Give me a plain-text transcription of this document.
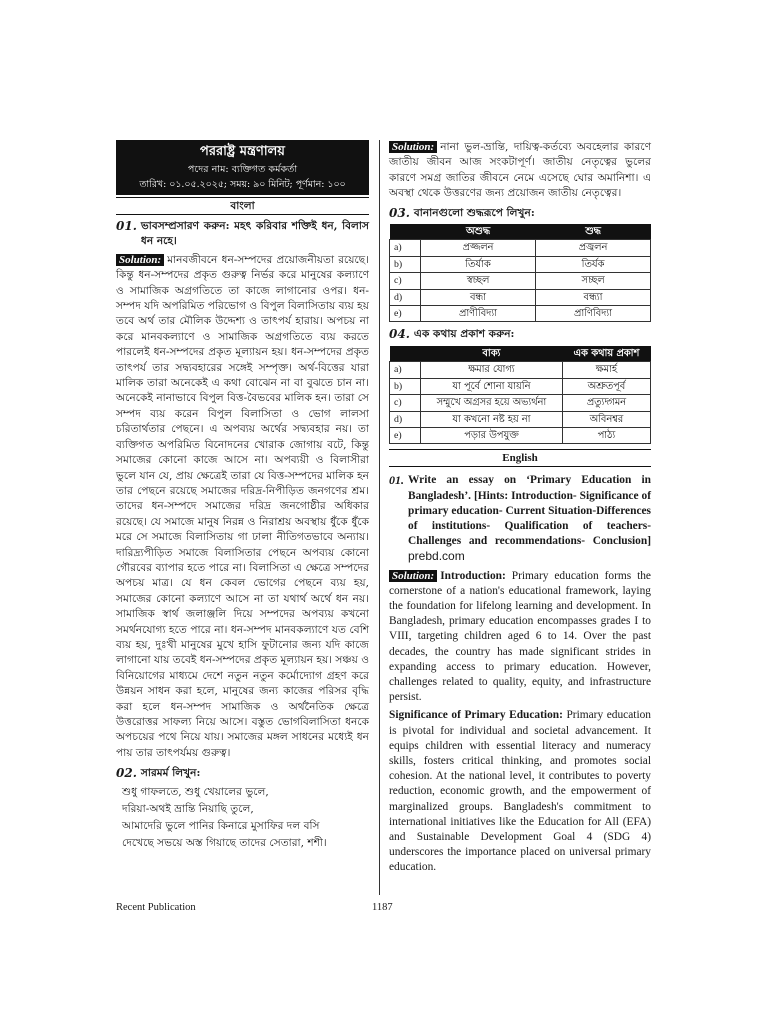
পররাষ্ট্র মন্ত্রণালয়
পদের নাম: ব্যক্তিগত কর্মকর্তা
তারিখ: ০১.০৫.২০২৫; সময়: ৯০ মিনিট; পূর্ণমান: ১০০
বাংলা
01. ভাবসম্প্রসারণ করুন: মহৎ করিবার শক্তিই ধন, বিলাস ধন নহে।
Solution: মানবজীবনে ধন-সম্পদের প্রয়োজনীয়তা রয়েছে। কিন্তু ধন-সম্পদের প্রকৃত গুরুত্ব নির্ভর করে মানুষের কল্যাণে ও সামাজিক অগ্রগতিতে তা কাজে লাগানোর ওপর। ধন-সম্পদ যদি অপরিমিত পরিভোগ ও বিপুল বিলাসিতায় ব্যয় হয় তবে অর্থ তার মৌলিক উদ্দেশ্য ও তাৎপর্য হারায়। অপচয় না করে মানবকল্যাণে ও সামাজিক অগ্রগতিতে ব্যয় করতে পারলেই ধন-সম্পদের প্রকৃত মূল্যায়ন হয়। ধন-সম্পদের প্রকৃত তাৎপর্য তার সদ্ব্যবহারের সঙ্গেই সম্পৃক্ত। অর্থ-বিত্তের যারা মালিক তারা অনেকেই এ কথা বোঝেন না বা বুঝতে চান না। অনেকেই নানাভাবে বিপুল বিত্ত-বৈভবের মালিক হন। তারা সে সম্পদ ব্যয় করেন বিপুল বিলাসিতা ও ভোগ লালসা চরিতার্থতার পেছনে। এ অপব্যয় অর্থের সদ্ব্যবহার নয়। তা ব্যক্তিগত অপরিমিত বিনোদনের খোরাক জোগায় বটে, কিন্তু সমাজের কোনো কাজে আসে না। অপব্যয়ী ও বিলাসীরা ভুলে যান যে, প্রায় ক্ষেত্রেই তারা যে বিত্ত-সম্পদের মালিক হন তার পেছনে রয়েছে সমাজের দরিদ্র-নিপীড়িত জনগণের শ্রম। তাদের ধন-সম্পদে সমাজের দরিদ্র জনগোষ্ঠীর অধিকার রয়েছে। যে সমাজে মানুষ নিরন্ন ও নিরাশ্রয় অবস্থায় ধুঁকে ধুঁকে মরে সে সমাজে বিলাসিতায় গা ঢালা নীতিগতভাবে অন্যায়। দারিদ্র্যপীড়িত সমাজে বিলাসিতার পেছনে অপব্যয় কোনো গৌরবের ব্যাপার হতে পারে না। বিলাসিতা এ ক্ষেত্রে সম্পদের অপচয় মাত্র। যে ধন কেবল ভোগের পেছনে ব্যয় হয়, সমাজের কোনো কল্যাণে আসে না তা যথার্থ অর্থে ধন নয়। সামাজিক স্বার্থ জলাঞ্জলি দিয়ে সম্পদের অপব্যয় কখনো সমর্থনযোগ্য হতে পারে না। ধন-সম্পদ মানবকল্যাণে যত বেশি ব্যয় হয়, দুঃখী মানুষের মুখে হাসি ফুটানোর জন্য যদি কাজে লাগানো যায় তবেই ধন-সম্পদের প্রকৃত মূল্যায়ন হয়। সঞ্চয় ও বিনিয়োগের মাধ্যমে দেশে নতুন নতুন কর্মোদ্যোগ গ্রহণ করে উন্নয়ন সাধন করা হলে, মানুষের জন্য কাজের পরিসর বৃদ্ধি করা হলে ধন-সম্পদ সামাজিক ও অর্থনৈতিক ক্ষেত্রে উত্তরোত্তর সাফল্য নিয়ে আসে। বস্তুত ভোগবিলাসিতা ধনকে অপচয়ের পথে নিয়ে যায়। সমাজের মঙ্গল সাধনের মধ্যেই ধন পায় তার তাৎপর্যময় গুরুত্ব।
02. সারমর্ম লিখুন:
শুধু গাফলতে, শুধু খেয়ালের ভুলে,
দরিয়া-অথই ভ্রান্তি নিয়াছি তুলে,
আমাদেরি ভুলে পানির কিনারে মুসাফির দল বসি
দেখেছে সভয়ে অস্ত গিয়াছে তাদের সেতারা, শশী।
Solution: নানা ভুল-ভ্রান্তি, দায়িত্ব-কর্তব্যে অবহেলার কারণে জাতীয় জীবন আজ সংকটাপূর্ণ। জাতীয় নেতৃত্বের ভুলের কারণে সমগ্র জাতির জীবনে নেমে এসেছে ঘোর অমানিশা। এ অবস্থা থেকে উত্তরণের জন্য প্রয়োজন জাতীয় নেতৃত্বের।
03. বানানগুলো শুদ্ধরূপে লিখুন:
	অশুদ্ধ	শুদ্ধ
a)	প্রজ্জলন	প্রজ্বলন
b)	তির্যাক	তির্যক
c)	স্বচ্ছল	সচ্ছল
d)	বন্ধা	বন্ধ্যা
e)	প্রাণীবিদ্যা	প্রাণিবিদ্যা
04. এক কথায় প্রকাশ করুন:
	বাক্য	এক কথায় প্রকাশ
a)	ক্ষমার যোগ্য	ক্ষমার্হ
b)	যা পূর্বে শোনা যায়নি	অশ্রুতপূর্ব
c)	সম্মুখে অগ্রসর হয়ে অভ্যর্থনা	প্রত্যুদ্গমন
d)	যা কখনো নষ্ট হয় না	অবিনশ্বর
e)	পড়ার উপযুক্ত	পাঠ্য
English
01. Write an essay on ‘Primary Education in Bangladesh’. [Hints: Introduction- Significance of primary education- Current Situation-Differences of institutions- Qualification of teachers- Challenges and recommendations- Conclusion] prebd.com
Solution: Introduction: Primary education forms the cornerstone of a nation's educational framework, laying the foundation for lifelong learning and development. In Bangladesh, primary education encompasses grades I to VIII, targeting children aged 6 to 14. Over the past decades, the country has made significant strides in expanding access to primary education. However, challenges related to quality, equity, and infrastructure persist.
Significance of Primary Education: Primary education is pivotal for individual and societal advancement. It equips children with essential literacy and numeracy skills, fosters critical thinking, and promotes social cohesion. At the national level, it contributes to poverty reduction, economic growth, and the empowerment of marginalized groups. Bangladesh's commitment to international initiatives like the Education for All (EFA) and Sustainable Development Goal 4 (SDG 4) underscores the importance placed on universal primary education.
Recent Publication	1187
